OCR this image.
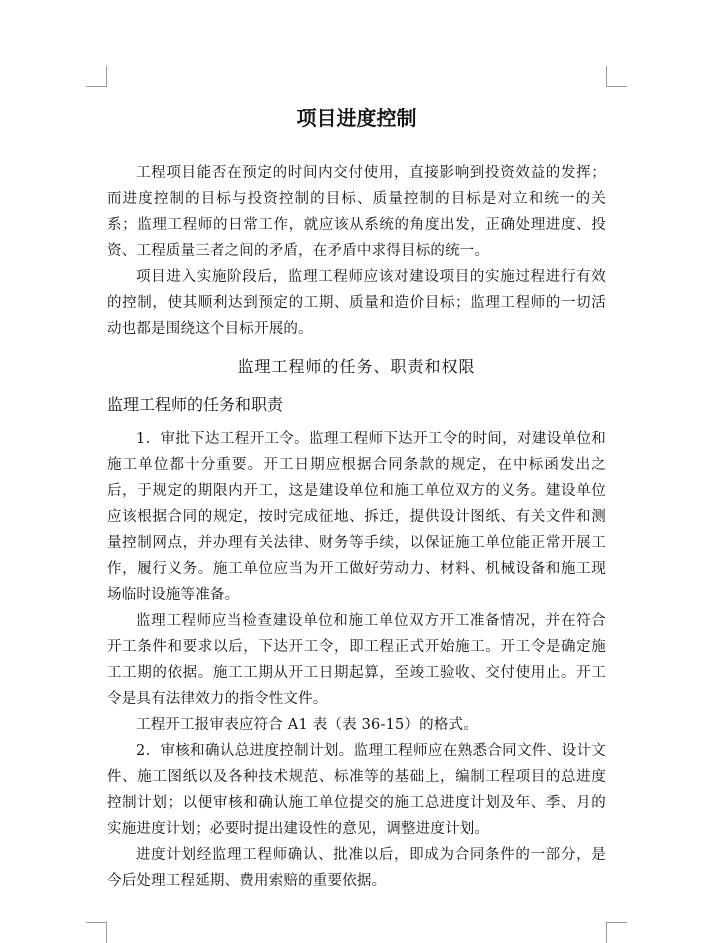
项目进度控制

工程项目能否在预定的时间内交付使用，直接影响到投资效益的发挥；而进度控制的目标与投资控制的目标、质量控制的目标是对立和统一的关系；监理工程师的日常工作，就应该从系统的角度出发，正确处理进度、投资、工程质量三者之间的矛盾，在矛盾中求得目标的统一。

项目进入实施阶段后，监理工程师应该对建设项目的实施过程进行有效的控制，使其顺利达到预定的工期、质量和造价目标；监理工程师的一切活动也都是围绕这个目标开展的。

监理工程师的任务、职责和权限
监理工程师的任务和职责

1．审批下达工程开工令。监理工程师下达开工令的时间，对建设单位和施工单位都十分重要。开工日期应根据合同条款的规定，在中标函发出之后，于规定的期限内开工，这是建设单位和施工单位双方的义务。建设单位应该根据合同的规定，按时完成征地、拆迁，提供设计图纸、有关文件和测量控制网点，并办理有关法律、财务等手续，以保证施工单位能正常开展工作，履行义务。施工单位应当为开工做好劳动力、材料、机械设备和施工现场临时设施等准备。

监理工程师应当检查建设单位和施工单位双方开工准备情况，并在符合开工条件和要求以后，下达开工令，即工程正式开始施工。开工令是确定施工工期的依据。施工工期从开工日期起算，至竣工验收、交付使用止。开工令是具有法律效力的指令性文件。

工程开工报审表应符合 A1 表（表 36-15）的格式。

2．审核和确认总进度控制计划。监理工程师应在熟悉合同文件、设计文件、施工图纸以及各种技术规范、标准等的基础上，编制工程项目的总进度控制计划；以便审核和确认施工单位提交的施工总进度计划及年、季、月的实施进度计划；必要时提出建设性的意见，调整进度计划。

进度计划经监理工程师确认、批准以后，即成为合同条件的一部分，是今后处理工程延期、费用索赔的重要依据。
